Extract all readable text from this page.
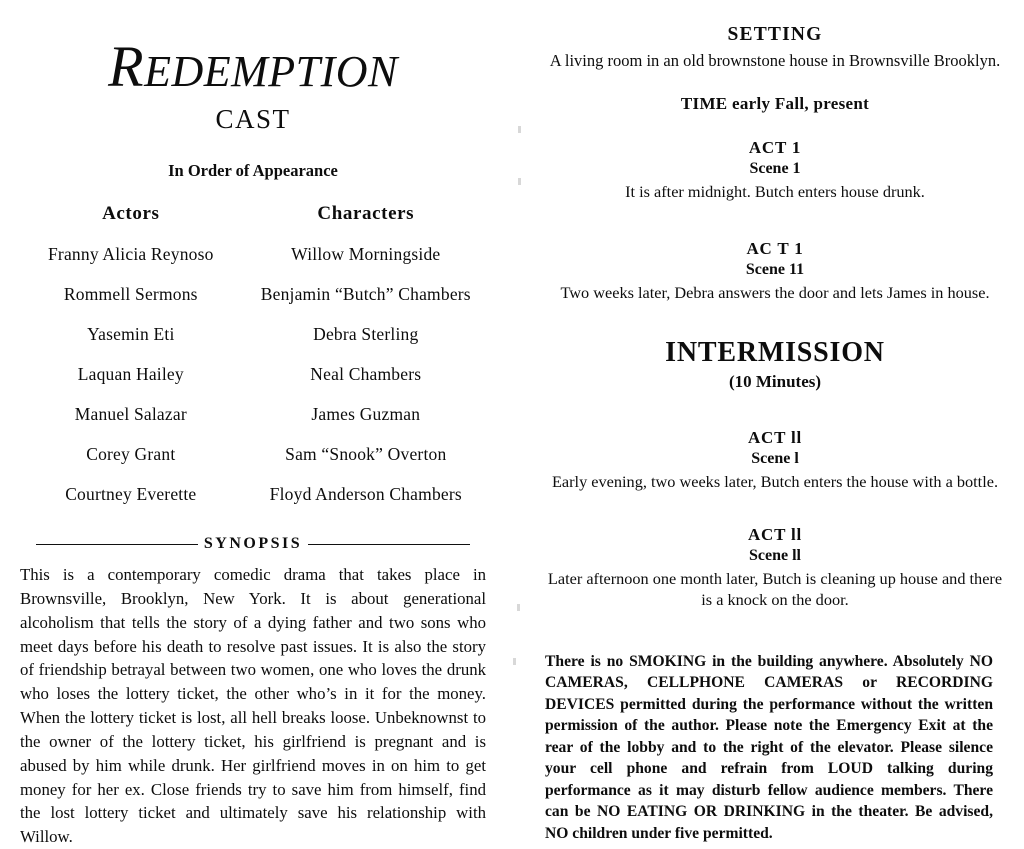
REDEMPTION
CAST
In Order of Appearance
Actors	Characters
Franny Alicia Reynoso	Willow Morningside
Rommell Sermons	Benjamin “Butch” Chambers
Yasemin Eti	Debra Sterling
Laquan Hailey	Neal Chambers
Manuel Salazar	James Guzman
Corey Grant	Sam “Snook” Overton
Courtney Everette	Floyd Anderson Chambers
SYNOPSIS
This is a contemporary comedic drama that takes place in Brownsville, Brooklyn, New York. It is about generational alcoholism that tells the story of a dying father and two sons who meet days before his death to resolve past issues. It is also the story of friendship betrayal between two women, one who loves the drunk who loses the lottery ticket, the other who’s in it for the money. When the lottery ticket is lost, all hell breaks loose. Unbeknownst to the owner of the lottery ticket, his girlfriend is pregnant and is abused by him while drunk. Her girlfriend moves in on him to get money for her ex. Close friends try to save him from himself, find the lost lottery ticket and ultimately save his relationship with Willow.
SETTING
A living room in an old brownstone house in Brownsville Brooklyn.
TIME early Fall, present
ACT 1
Scene 1
It is after midnight. Butch enters house drunk.
AC T 1
Scene 11
Two weeks later, Debra answers the door and lets James in house.
INTERMISSION
(10 Minutes)
ACT ll
Scene l
Early evening, two weeks later, Butch enters the house with a bottle.
ACT ll
Scene ll
Later afternoon one month later, Butch is cleaning up house and there is a knock on the door.
There is no SMOKING in the building anywhere. Absolutely NO CAMERAS, CELLPHONE CAMERAS or RECORDING DEVICES permitted during the performance without the written permission of the author. Please note the Emergency Exit at the rear of the lobby and to the right of the elevator. Please silence your cell phone and refrain from LOUD talking during performance as it may disturb fellow audience members. There can be NO EATING OR DRINKING in the theater. Be advised, NO children under five permitted.
